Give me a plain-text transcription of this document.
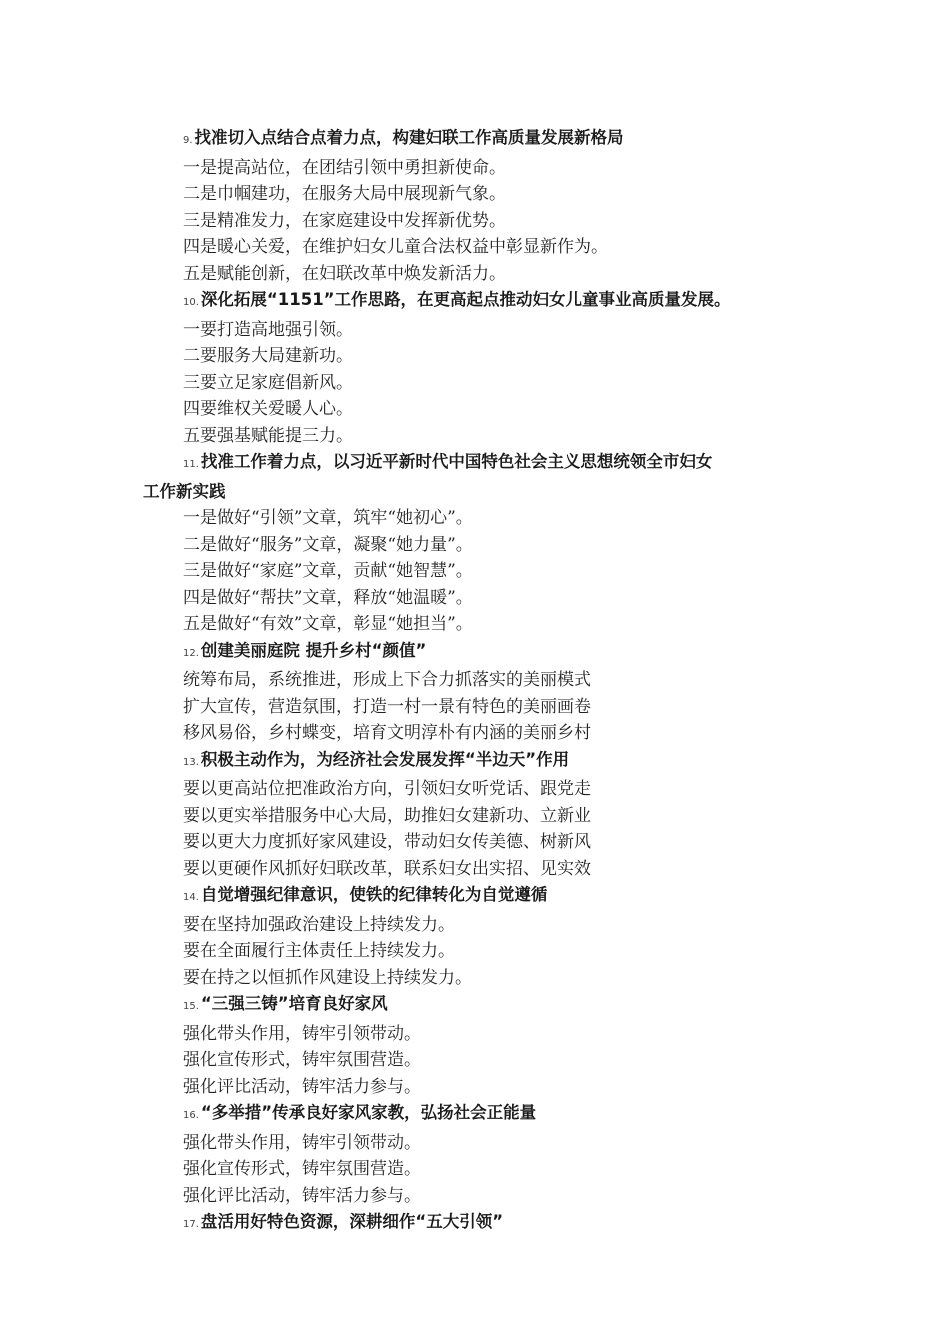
9. 找准切入点结合点着力点，构建妇联工作高质量发展新格局
一是提高站位，在团结引领中勇担新使命。
二是巾帼建功，在服务大局中展现新气象。
三是精准发力，在家庭建设中发挥新优势。
四是暖心关爱，在维护妇女儿童合法权益中彰显新作为。
五是赋能创新，在妇联改革中焕发新活力。
10. 深化拓展“1151”工作思路，在更高起点推动妇女儿童事业高质量发展。
一要打造高地强引领。
二要服务大局建新功。
三要立足家庭倡新风。
四要维权关爱暖人心。
五要强基赋能提三力。
11. 找准工作着力点，以习近平新时代中国特色社会主义思想统领全市妇女
工作新实践
一是做好“引领”文章，筑牢“她初心”。
二是做好“服务”文章，凝聚“她力量”。
三是做好“家庭”文章，贡献“她智慧”。
四是做好“帮扶”文章，释放“她温暖”。
五是做好“有效”文章，彰显“她担当”。
12. 创建美丽庭院 提升乡村“颜值”
统筹布局，系统推进，形成上下合力抓落实的美丽模式
扩大宣传，营造氛围，打造一村一景有特色的美丽画卷
移风易俗，乡村蝶变，培育文明淳朴有内涵的美丽乡村
13. 积极主动作为，为经济社会发展发挥“半边天”作用
要以更高站位把准政治方向，引领妇女听党话、跟党走
要以更实举措服务中心大局，助推妇女建新功、立新业
要以更大力度抓好家风建设，带动妇女传美德、树新风
要以更硬作风抓好妇联改革，联系妇女出实招、见实效
14. 自觉增强纪律意识，使铁的纪律转化为自觉遵循
要在坚持加强政治建设上持续发力。
要在全面履行主体责任上持续发力。
要在持之以恒抓作风建设上持续发力。
15. “三强三铸”培育良好家风
强化带头作用，铸牢引领带动。
强化宣传形式，铸牢氛围营造。
强化评比活动，铸牢活力参与。
16. “多举措”传承良好家风家教，弘扬社会正能量
强化带头作用，铸牢引领带动。
强化宣传形式，铸牢氛围营造。
强化评比活动，铸牢活力参与。
17. 盘活用好特色资源，深耕细作“五大引领”
